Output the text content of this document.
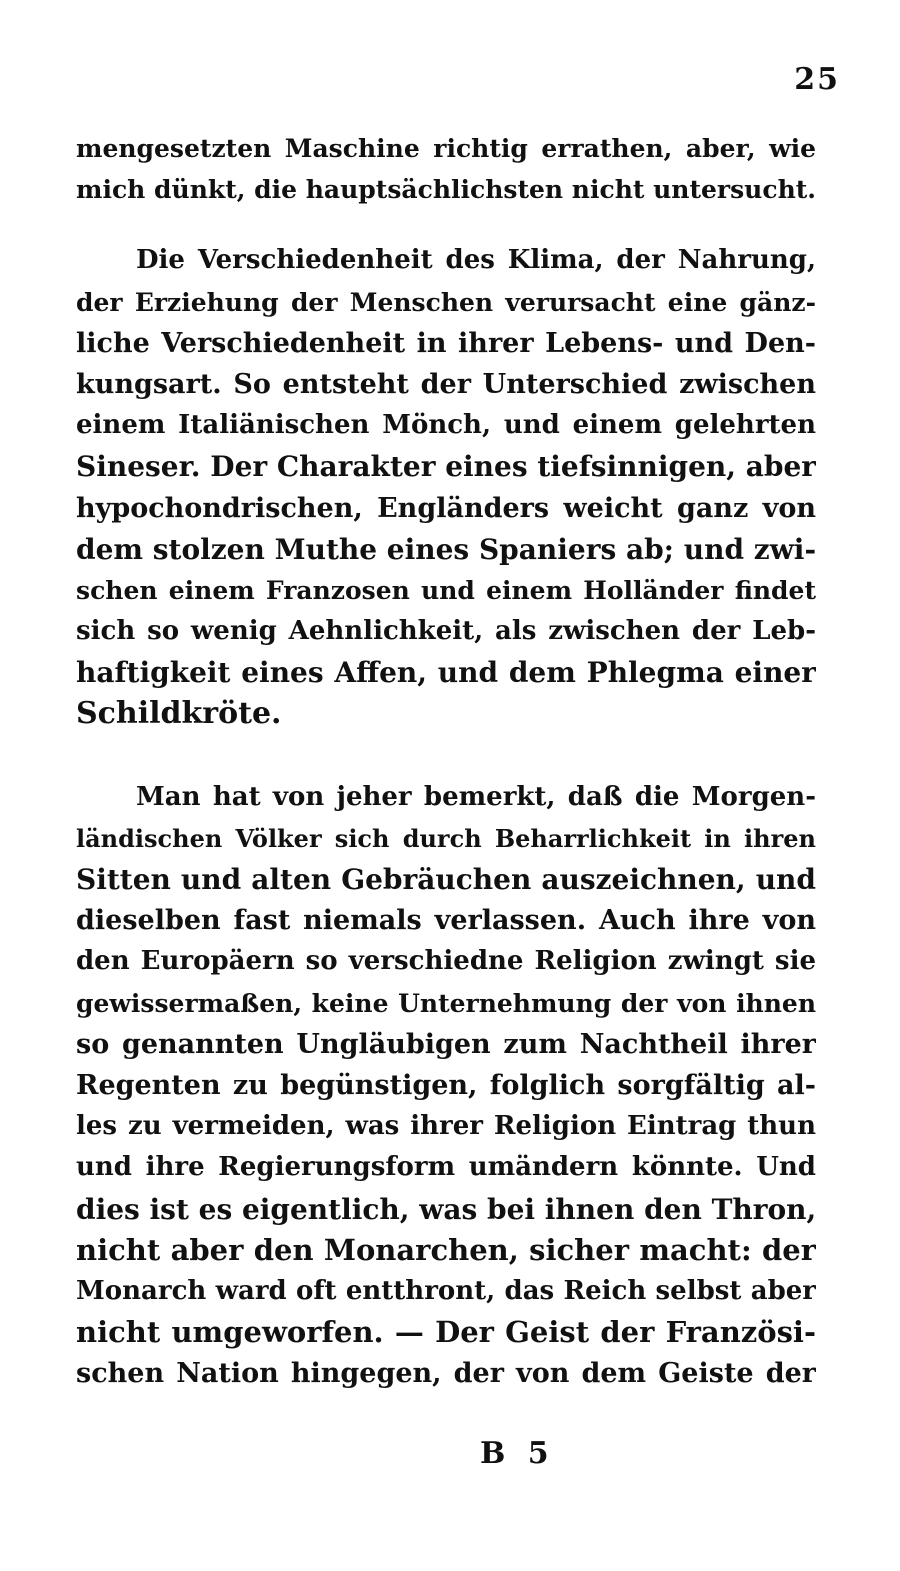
25
mengesetzten Maschine richtig errathen, aber, wie
mich dünkt, die hauptsächlichsten nicht untersucht.
Die Verschiedenheit des Klima, der Nahrung,
der Erziehung der Menschen verursacht eine gänz-
liche Verschiedenheit in ihrer Lebens- und Den-
kungsart. So entsteht der Unterschied zwischen
einem Italiänischen Mönch, und einem gelehrten
Sineser. Der Charakter eines tiefsinnigen, aber
hypochondrischen, Engländers weicht ganz von
dem stolzen Muthe eines Spaniers ab; und zwi-
schen einem Franzosen und einem Holländer findet
sich so wenig Aehnlichkeit, als zwischen der Leb-
haftigkeit eines Affen, und dem Phlegma einer
Schildkröte.
Man hat von jeher bemerkt, daß die Morgen-
ländischen Völker sich durch Beharrlichkeit in ihren
Sitten und alten Gebräuchen auszeichnen, und
dieselben fast niemals verlassen. Auch ihre von
den Europäern so verschiedne Religion zwingt sie
gewissermaßen, keine Unternehmung der von ihnen
so genannten Ungläubigen zum Nachtheil ihrer
Regenten zu begünstigen, folglich sorgfältig al-
les zu vermeiden, was ihrer Religion Eintrag thun
und ihre Regierungsform umändern könnte. Und
dies ist es eigentlich, was bei ihnen den Thron,
nicht aber den Monarchen, sicher macht: der
Monarch ward oft entthront, das Reich selbst aber
nicht umgeworfen. — Der Geist der Französi-
schen Nation hingegen, der von dem Geiste der
B 5
